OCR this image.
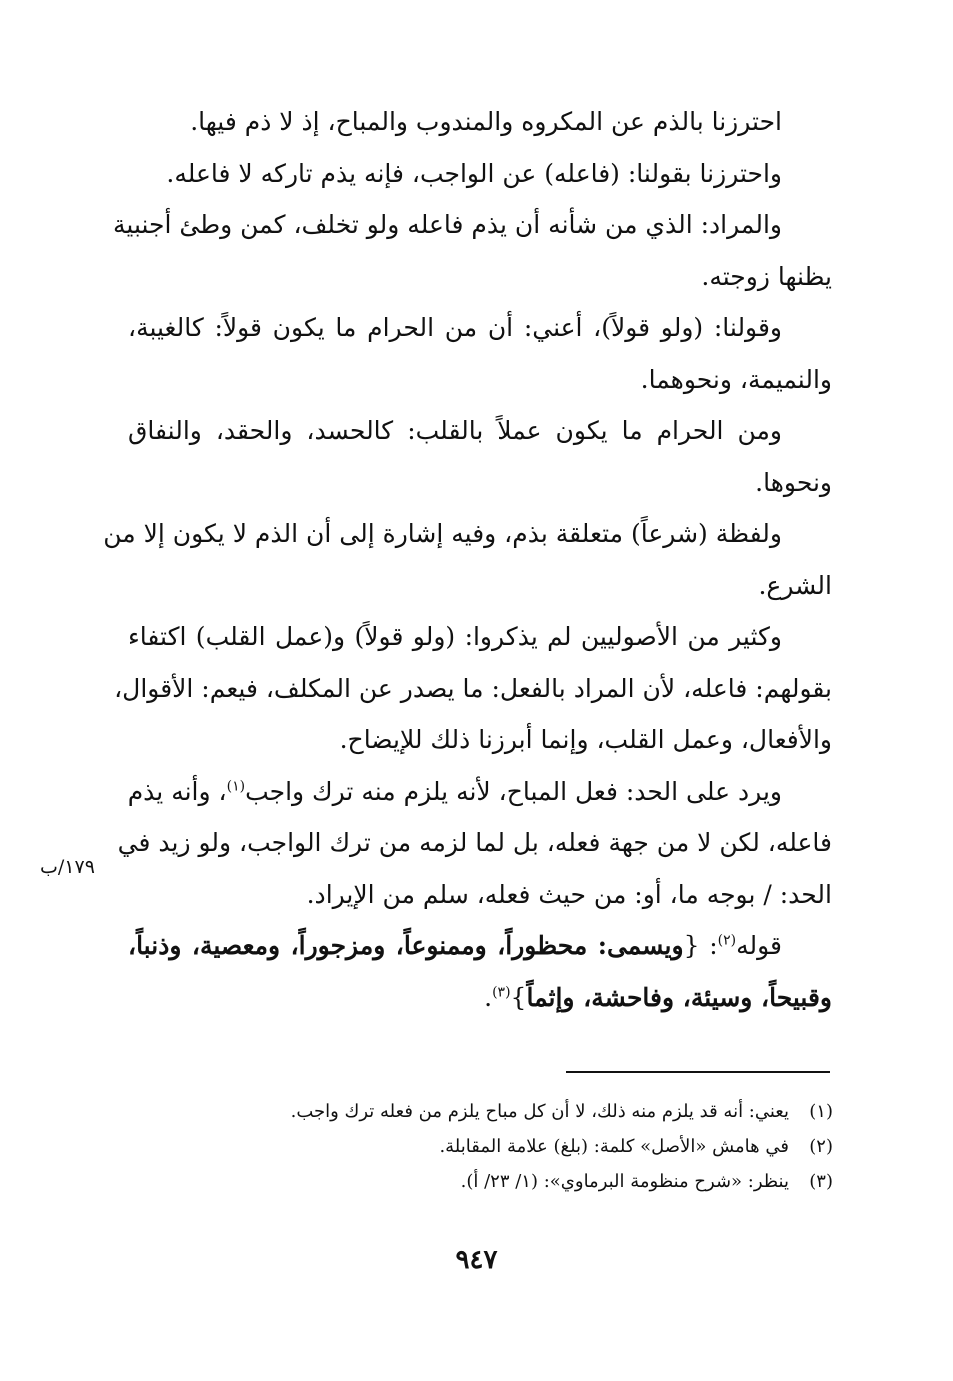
احترزنا بالذم عن المكروه والمندوب والمباح، إذ لا ذم فيها.
واحترزنا بقولنا: (فاعله) عن الواجب، فإنه يذم تاركه لا فاعله.
والمراد: الذي من شأنه أن يذم فاعله ولو تخلف، كمن وطئ أجنبية
يظنها زوجته.
وقولنا: (ولو قولاً)، أعني: أن من الحرام ما يكون قولاً: كالغيبة،
والنميمة، ونحوهما.
ومن الحرام ما يكون عملاً بالقلب: كالحسد، والحقد، والنفاق
ونحوها.
ولفظة (شرعاً) متعلقة بذم، وفيه إشارة إلى أن الذم لا يكون إلا من
الشرع.
وكثير من الأصوليين لم يذكروا: (ولو قولاً) و(عمل القلب) اكتفاء
بقولهم: فاعله، لأن المراد بالفعل: ما يصدر عن المكلف، فيعم: الأقوال،
والأفعال، وعمل القلب، وإنما أبرزنا ذلك للإيضاح.
ويرد على الحد: فعل المباح، لأنه يلزم منه ترك واجب$^{(١)}$، وأنه يذم
فاعله، لكن لا من جهة فعله، بل لما لزمه من ترك الواجب، ولو زيد في
الحد: / بوجه ما، أو: من حيث فعله، سلم من الإيراد.
قوله$^{(٢)}$: {ويسمى: محظوراً، وممنوعاً، ومزجوراً، ومعصية، وذنباً،
وقبيحاً، وسيئة، وفاحشة، وإثماً}$^{(٣)}$.
١٧٩/ب
(١)يعني: أنه قد يلزم منه ذلك، لا أن كل مباح يلزم من فعله ترك واجب.
(٢)في هامش «الأصل» كلمة: (بلغ) علامة المقابلة.
(٣)ينظر: «شرح منظومة البرماوي»: (١/ ٢٣/ أ).
٩٤٧
